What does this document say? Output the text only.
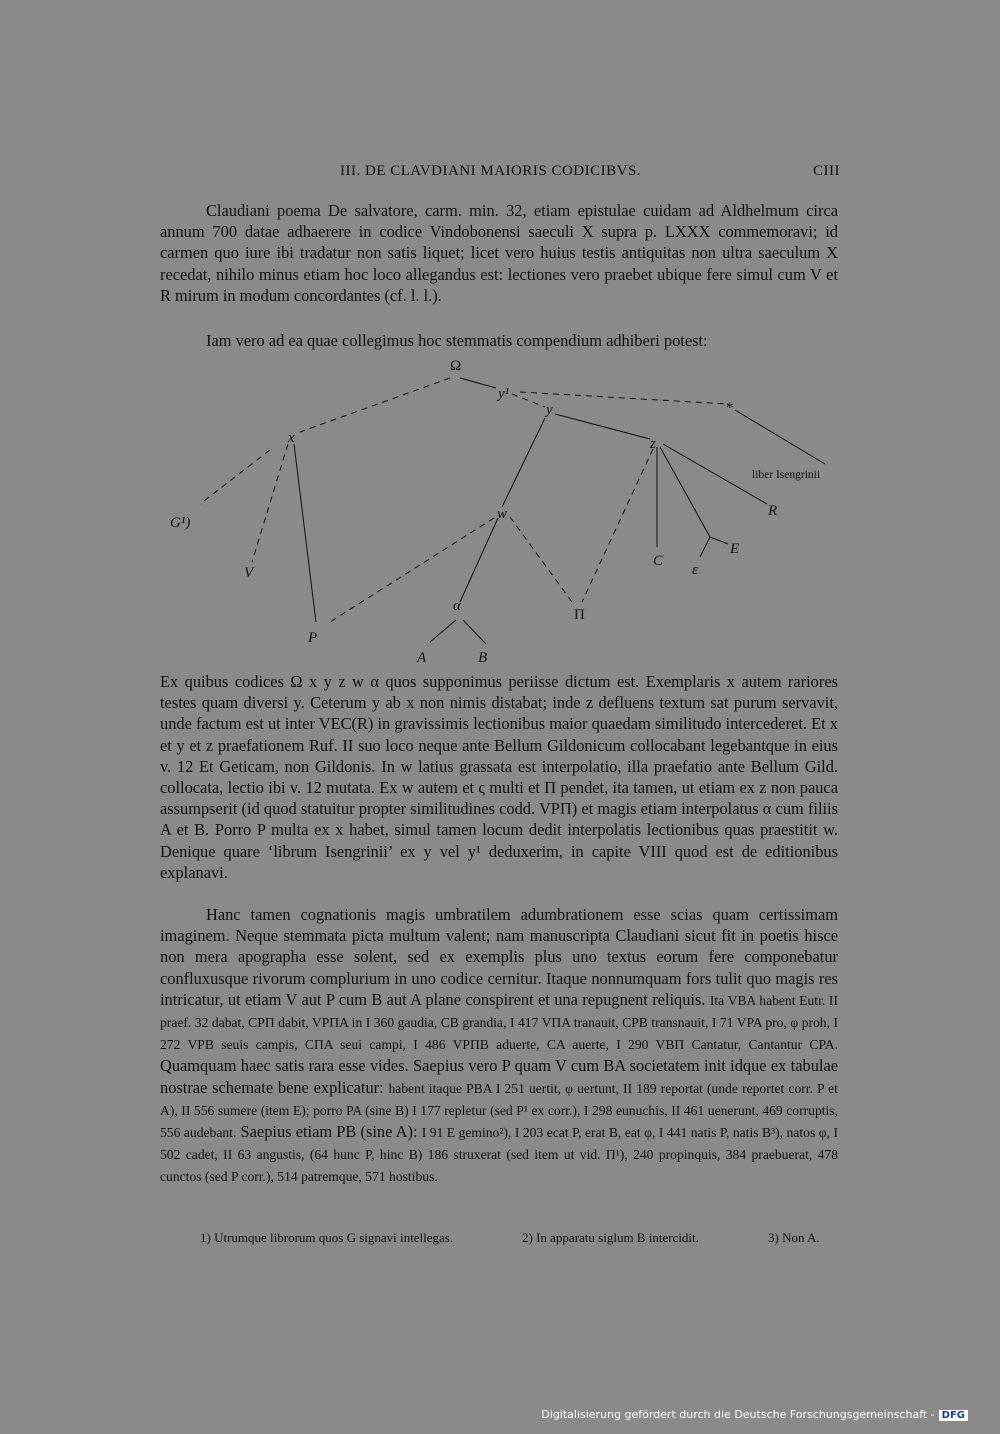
III. DE CLAVDIANI MAIORIS CODICIBVS.	CIII

Claudiani poema De salvatore, carm. min. 32, etiam epistulae cuidam ad Aldhelmum circa annum 700 datae adhaerere in codice Vindobonensi saeculi X supra p. LXXX commemoravi; id carmen quo iure ibi tradatur non satis liquet; licet vero huius testis antiquitas non ultra saeculum X recedat, nihilo minus etiam hoc loco allegandus est: lectiones vero praebet ubique fere simul cum V et R mirum in modum concordantes (cf. l. l.).

Iam vero ad ea quae collegimus hoc stemmatis compendium adhiberi potest:

Ω
y¹
y	*
x	z
liber Isengrinii
R
G¹)
w
E
C
ε
V
α
Π
P
A	B

Ex quibus codices Ω x y z w α quos supponimus periisse dictum est. Exemplaris x autem rariores testes quam diversi y. Ceterum y ab x non nimis distabat; inde z defluens textum sat purum servavit, unde factum est ut inter VEC(R) in gravissimis lectionibus maior quaedam similitudo intercederet. Et x et y et z praefationem Ruf. II suo loco neque ante Bellum Gildonicum collocabant legebantque in eius v. 12 Et Geticam, non Gildonis. In w latius grassata est interpolatio, illa praefatio ante Bellum Gild. collocata, lectio ibi v. 12 mutata. Ex w autem et ς multi et Π pendet, ita tamen, ut etiam ex z non pauca assumpserit (id quod statuitur propter similitudines codd. VPΠ) et magis etiam interpolatus α cum filiis A et B. Porro P multa ex x habet, simul tamen locum dedit interpolatis lectionibus quas praestitit w. Denique quare ‘librum Isengrinii’ ex y vel y¹ deduxerim, in capite VIII quod est de editionibus explanavi.

Hanc tamen cognationis magis umbratilem adumbrationem esse scias quam certissimam imaginem. Neque stemmata picta multum valent; nam manuscripta Claudiani sicut fit in poetis hisce non mera apographa esse solent, sed ex exemplis plus uno textus eorum fere componebatur confluxusque rivorum complurium in uno codice cernitur. Itaque nonnumquam fors tulit quo magis res intricatur, ut etiam V aut P cum B aut A plane conspirent et una repugnent reliquis. Ita VBA habent Eutr. II praef. 32 dabat, CPΠ dabit, VPΠA in I 360 gaudia, CB grandia, I 417 VΠA tranauit, CPB transnauit, I 71 VPA pro, φ proh, I 272 VPB seuis campis, CΠA seui campi, I 486 VPΠB aduerte, CA auerte, I 290 VBΠ Cantatur, Cantantur CPA. Quamquam haec satis rara esse vides. Saepius vero P quam V cum BA societatem init idque ex tabulae nostrae schemate bene explicatur: habent itaque PBA I 251 uertit, φ uertunt, II 189 reportat (unde reportet corr. P et A), II 556 sumere (item E); porro PA (sine B) I 177 repletur (sed P¹ ex corr.), I 298 eunuchis, II 461 uenerunt, 469 corruptis, 556 audebant. Saepius etiam PB (sine A): I 91 E gemino²), I 203 ecat P, erat B, eat φ, I 441 natis P, natis B³), natos φ, I 502 cadet, II 63 angustis, (64 hunc P, hinc B) 186 struxerat (sed item ut vid. Π¹), 240 propinquis, 384 praebuerat, 478 cunctos (sed P corr.), 514 patremque, 571 hostibus.

1) Utrumque librorum quos G signavi intellegas.	2) In apparatu siglum B intercidit.	3) Non A.
Digitalisierung gefördert durch die Deutsche Forschungsgemeinschaft - DFG
